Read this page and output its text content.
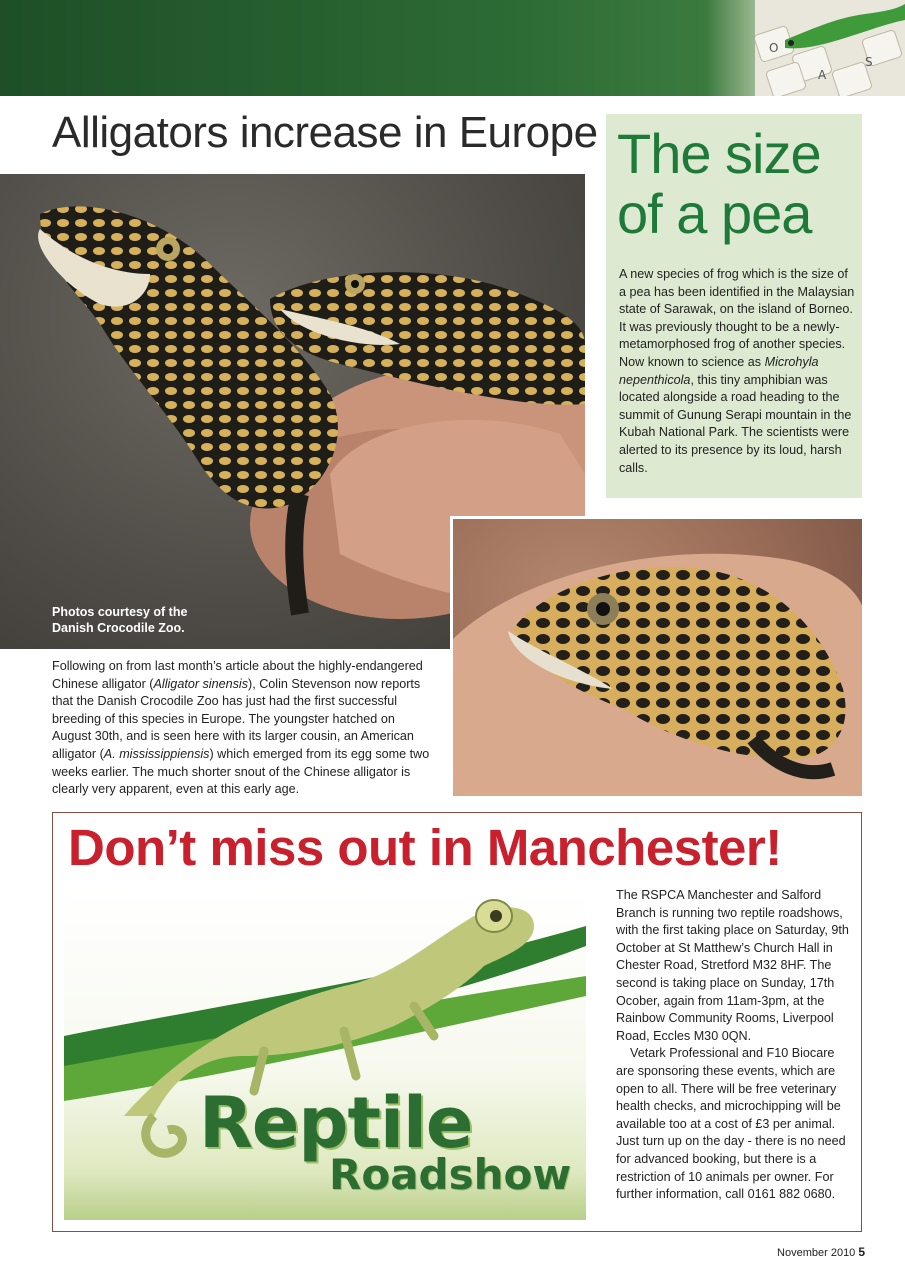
O
A
S
Alligators increase in Europe
Photos courtesy of the
Danish Crocodile Zoo.
Following on from last month’s article about the highly-endangered Chinese alligator (Alligator sinensis), Colin Stevenson now reports that the Danish Crocodile Zoo has just had the first successful breeding of this species in Europe. The youngster hatched on August 30th, and is seen here with its larger cousin, an American alligator (A. mississippiensis) which emerged from its egg some two weeks earlier. The much shorter snout of the Chinese alligator is clearly very apparent, even at this early age.
The size
of a pea
A new species of frog which is the size of a pea has been identified in the Malaysian state of Sarawak, on the island of Borneo. It was previously thought to be a newly-metamorphosed frog of another species. Now known to science as Microhyla nepenthicola, this tiny amphibian was located alongside a road heading to the summit of Gunung Serapi mountain in the Kubah National Park. The scientists were alerted to its presence by its loud, harsh calls.
Don’t miss out in Manchester!
Reptile
Roadshow

The RSPCA Manchester and Salford Branch is running two reptile roadshows, with the first taking place on Saturday, 9th October at St Matthew’s Church Hall in Chester Road, Stretford M32 8HF. The second is taking place on Sunday, 17th Ocober, again from 11am-3pm, at the Rainbow Community Rooms, Liverpool Road, Eccles M30 0QN.

Vetark Professional and F10 Biocare are sponsoring these events, which are open to all. There will be free veterinary health checks, and microchipping will be available too at a cost of £3 per animal. Just turn up on the day - there is no need for advanced booking, but there is a restriction of 10 animals per owner. For further information, call 0161 882 0680.

November 2010 5
